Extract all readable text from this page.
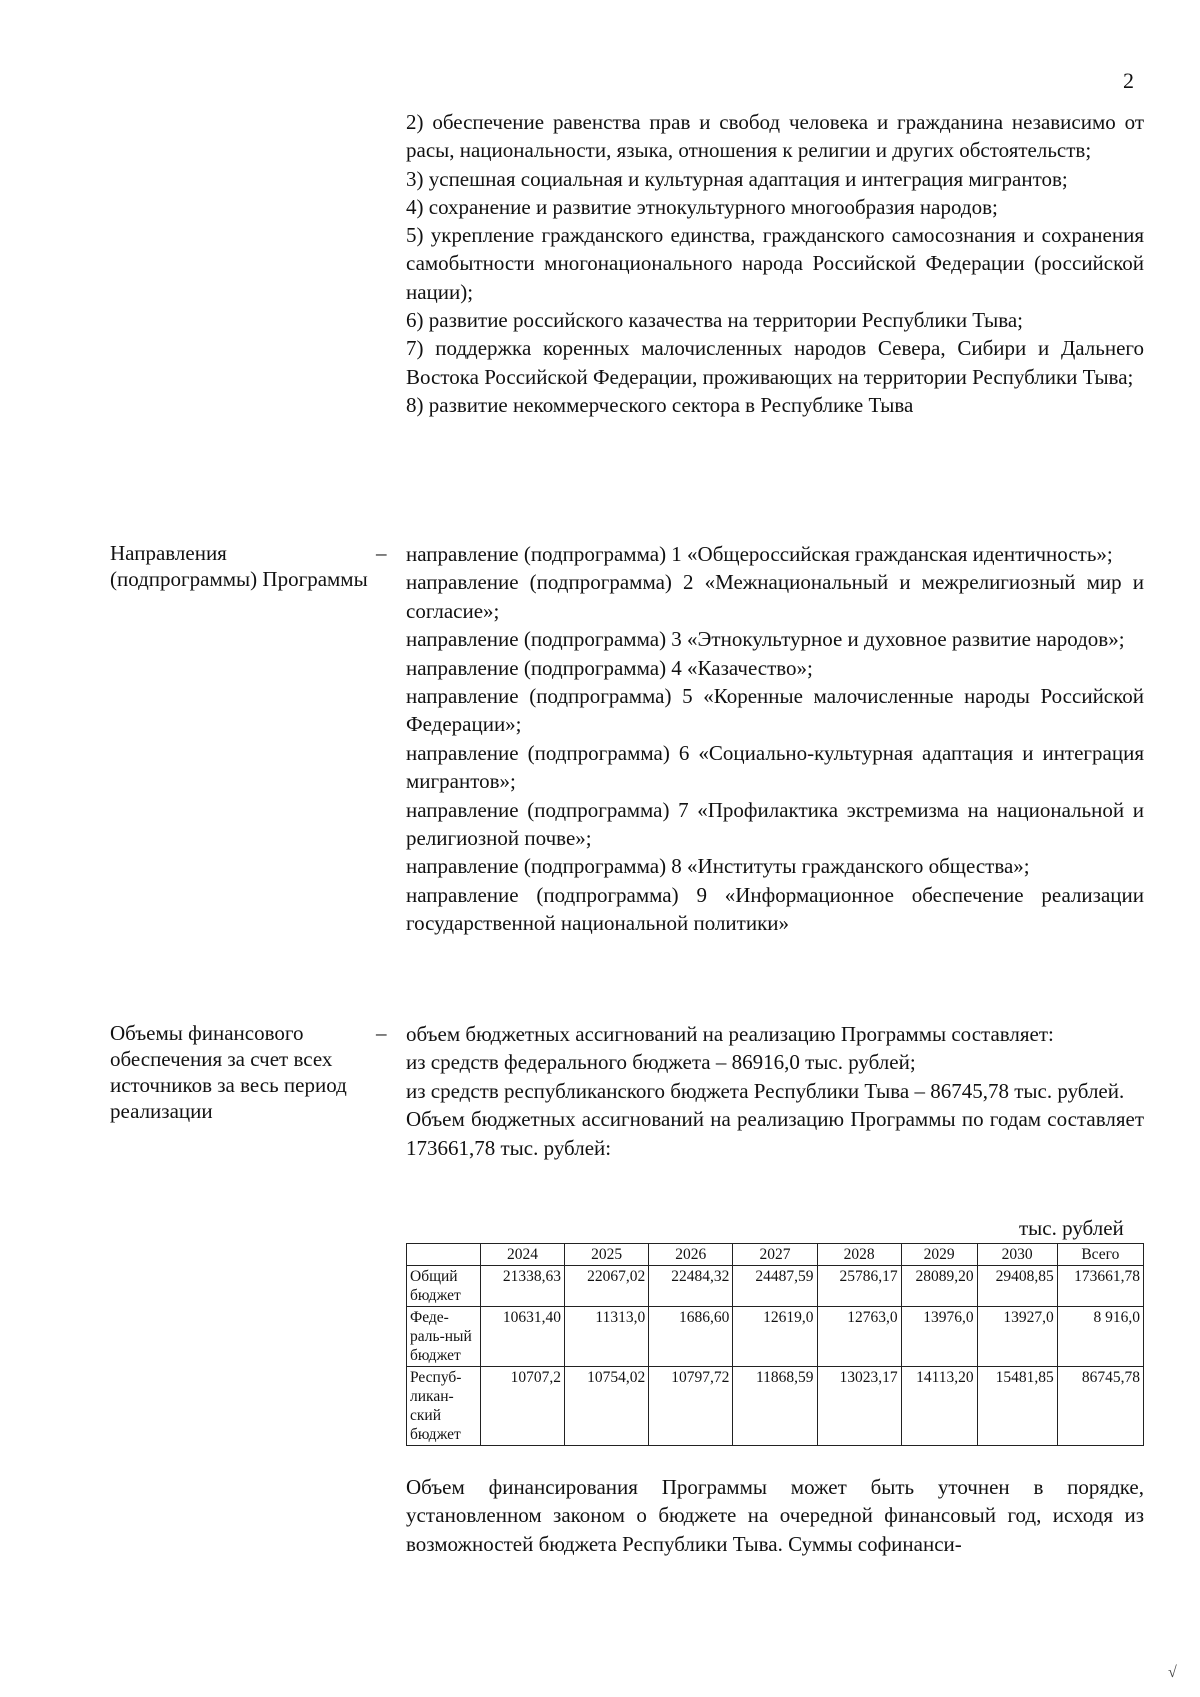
2

2) обеспечение равенства прав и свобод человека и гражданина независимо от расы, национальности, языка, отношения к религии и других обстоятельств;

3) успешная социальная и культурная адаптация и интеграция мигрантов;

4) сохранение и развитие этнокультурного многообразия народов;

5) укрепление гражданского единства, гражданского самосознания и сохранения самобытности многонационального народа Российской Федерации (российской нации);

6) развитие российского казачества на территории Республики Тыва;

7) поддержка коренных малочисленных народов Севера, Сибири и Дальнего Востока Российской Федерации, проживающих на территории Республики Тыва;

8) развитие некоммерческого сектора в Республике Тыва

Направления (подпрограммы) Программы
– направление (подпрограмма) 1 «Общероссийская гражданская идентичность»;

направление (подпрограмма) 2 «Межнациональный и межрелигиозный мир и согласие»;

направление (подпрограмма) 3 «Этнокультурное и духовное развитие народов»;

направление (подпрограмма) 4 «Казачество»;

направление (подпрограмма) 5 «Коренные малочисленные народы Российской Федерации»;

направление (подпрограмма) 6 «Социально-культурная адаптация и интеграция мигрантов»;

направление (подпрограмма) 7 «Профилактика экстремизма на национальной и религиозной почве»;

направление (подпрограмма) 8 «Институты гражданского общества»;

направление (подпрограмма) 9 «Информационное обеспечение реализации государственной национальной политики»

Объемы финансового обеспечения за счет всех источников за весь период реализации
– объем бюджетных ассигнований на реализацию Программы составляет:

из средств федерального бюджета – 86916,0 тыс. рублей;

из средств республиканского бюджета Республики Тыва – 86745,78 тыс. рублей.

Объем бюджетных ассигнований на реализацию Программы по годам составляет 173661,78 тыс. рублей:

тыс. рублей
	2024	2025	2026	2027	2028	2029	2030	Всего
Общий бюджет	21338,63	22067,02	22484,32	24487,59	25786,17	28089,20	29408,85	173661,78
Феде-раль-ный бюджет	10631,40	11313,0	1686,60	12619,0	12763,0	13976,0	13927,0	8 916,0
Респуб-ликан-ский бюджет	10707,2	10754,02	10797,72	11868,59	13023,17	14113,20	15481,85	86745,78

Объем финансирования Программы может быть уточнен в порядке, установленном законом о бюджете на очередной финансовый год, исходя из возможностей бюджета Республики Тыва. Суммы софинанси-

√
